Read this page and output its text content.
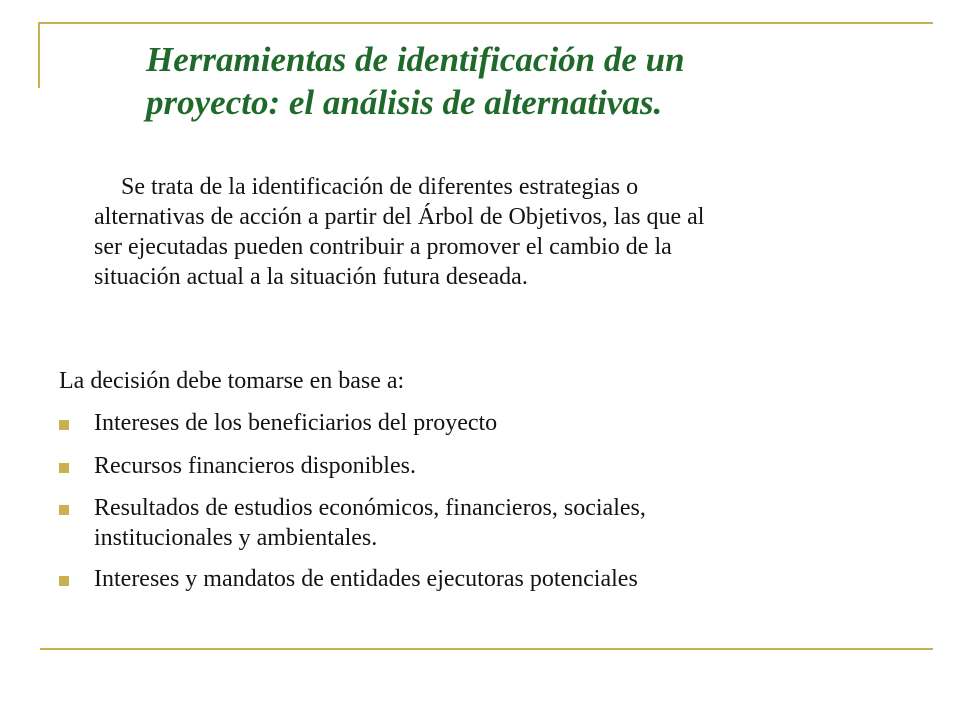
Herramientas de identificación de un
proyecto: el análisis de alternativas.

Se trata de la identificación de diferentes estrategias o
alternativas de acción a partir del Árbol de Objetivos, las que al
ser ejecutadas pueden contribuir a promover el cambio de la
situación actual a la situación futura deseada.

La decisión debe tomarse en base a:

Intereses de los beneficiarios del proyecto
Recursos financieros disponibles.
Resultados de estudios económicos, financieros, sociales,
institucionales y ambientales.
Intereses y mandatos de entidades ejecutoras potenciales
